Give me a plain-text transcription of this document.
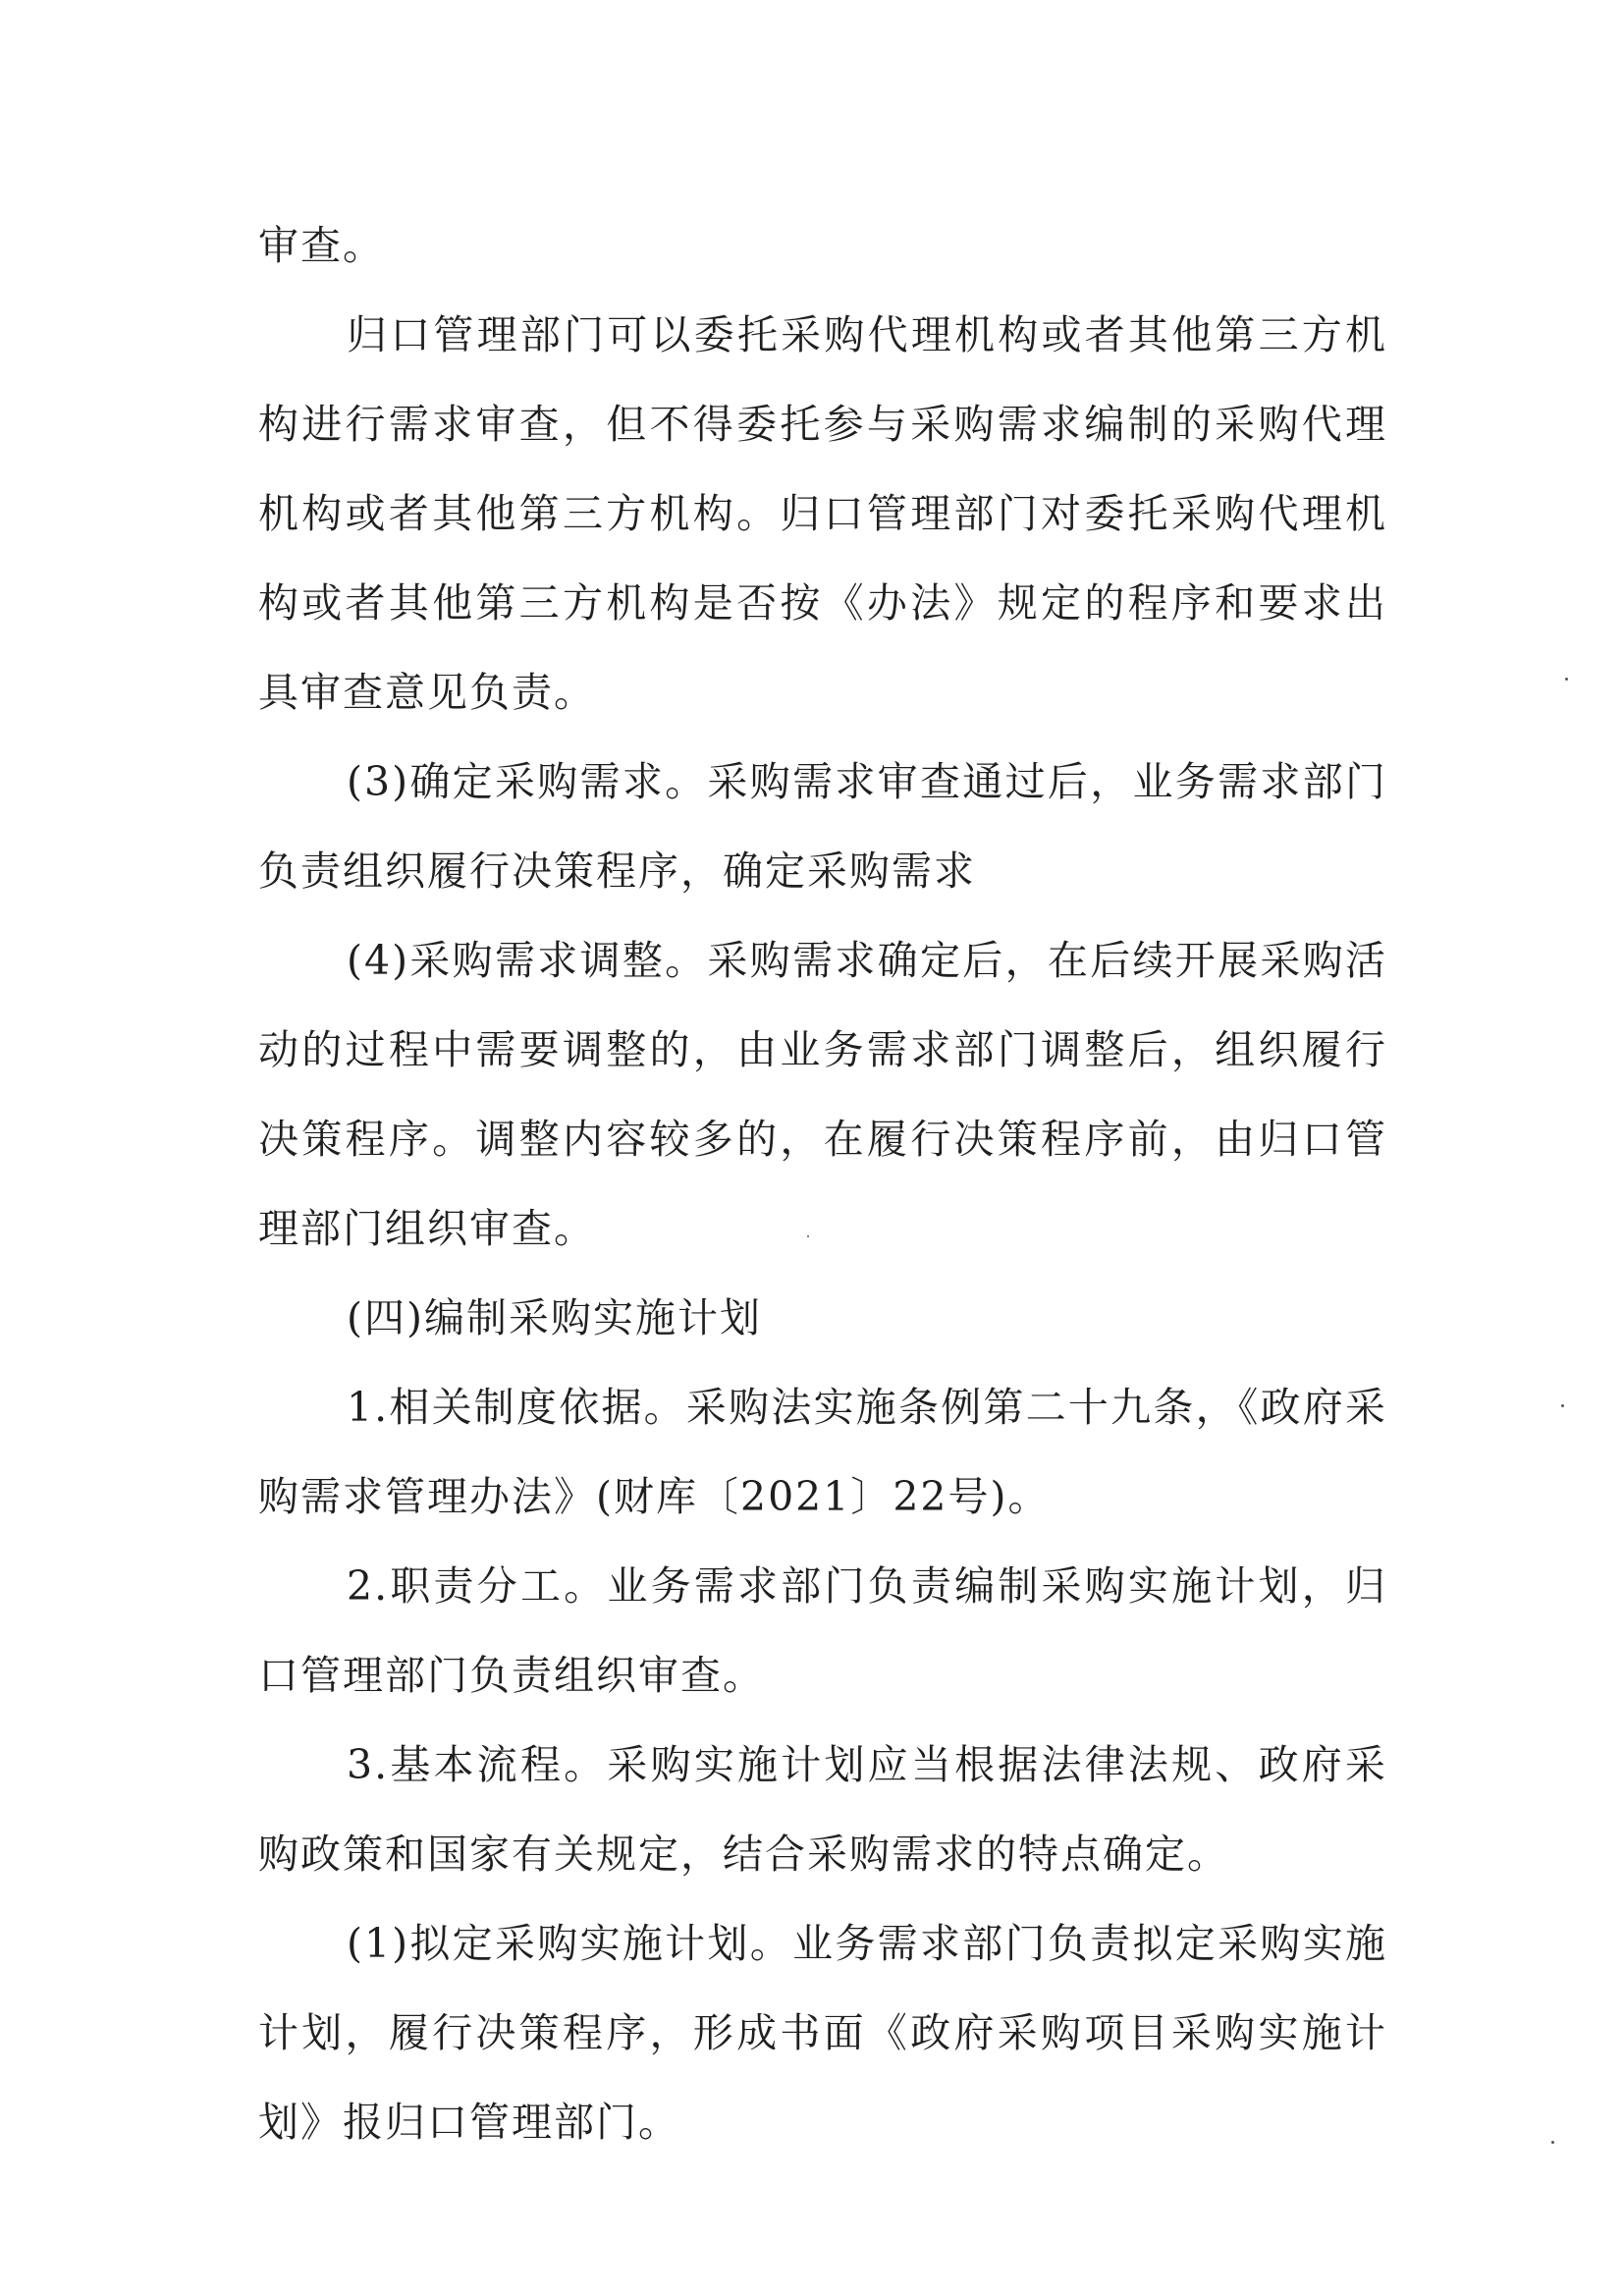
审查。

归口管理部门可以委托采购代理机构或者其他第三方机构进行需求审查，但不得委托参与采购需求编制的采购代理机构或者其他第三方机构。归口管理部门对委托采购代理机构或者其他第三方机构是否按《办法》规定的程序和要求出具审查意见负责。

(3)确定采购需求。采购需求审查通过后，业务需求部门负责组织履行决策程序，确定采购需求

(4)采购需求调整。采购需求确定后，在后续开展采购活动的过程中需要调整的，由业务需求部门调整后，组织履行决策程序。调整内容较多的，在履行决策程序前，由归口管理部门组织审查。

(四)编制采购实施计划

1.相关制度依据。采购法实施条例第二十九条，《政府采购需求管理办法》(财库〔2021〕22号)。

2.职责分工。业务需求部门负责编制采购实施计划，归口管理部门负责组织审查。

3.基本流程。采购实施计划应当根据法律法规、政府采购政策和国家有关规定，结合采购需求的特点确定。

(1)拟定采购实施计划。业务需求部门负责拟定采购实施计划，履行决策程序，形成书面《政府采购项目采购实施计划》报归口管理部门。
